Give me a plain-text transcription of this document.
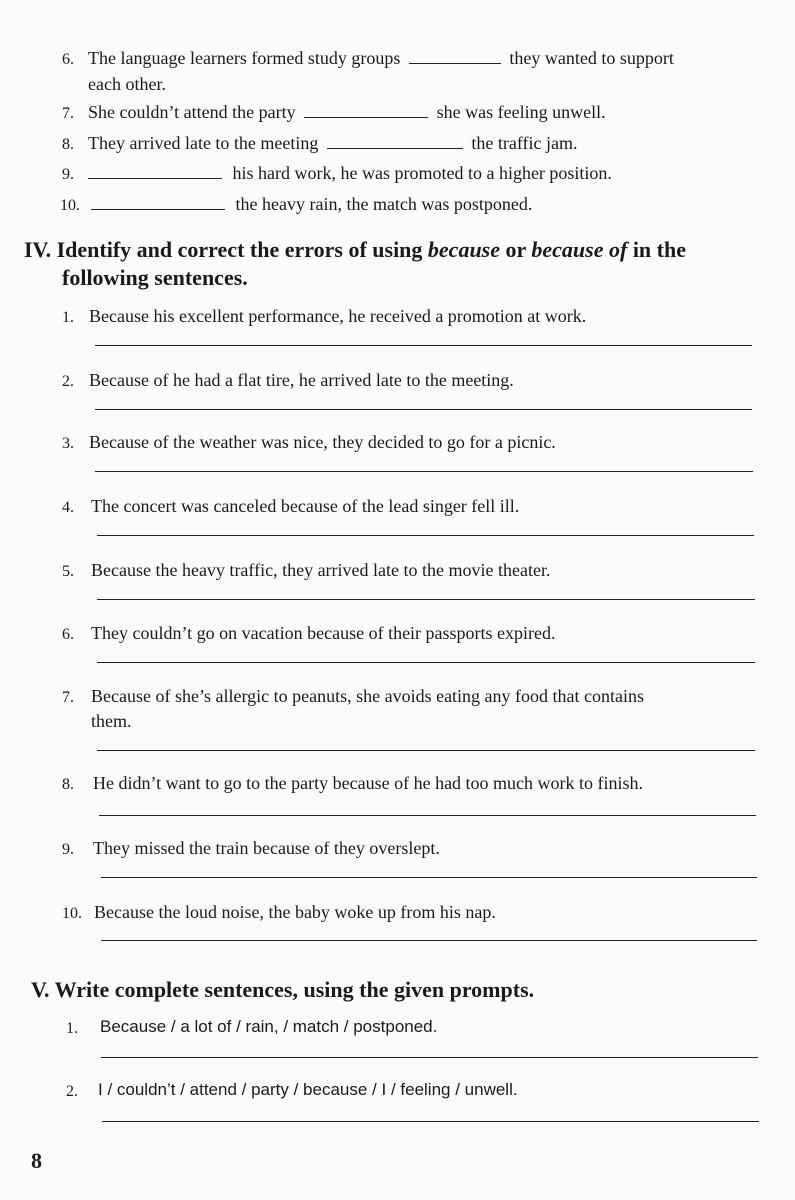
6. The language learners formed study groups	they wanted to support
each other.
7. She couldn’t attend the party	she was feeling unwell.
8. They arrived late to the meeting	the traffic jam.
9.	his hard work, he was promoted to a higher position.
10.	the heavy rain, the match was postponed.
IV. Identify and correct the errors of using because or because of in the
following sentences.
1. Because his excellent performance, he received a promotion at work.
2. Because of he had a flat tire, he arrived late to the meeting.
3. Because of the weather was nice, they decided to go for a picnic.
4. The concert was canceled because of the lead singer fell ill.
5. Because the heavy traffic, they arrived late to the movie theater.
6. They couldn’t go on vacation because of their passports expired.
7. Because of she’s allergic to peanuts, she avoids eating any food that contains
them.
8. He didn’t want to go to the party because of he had too much work to finish.
9. They missed the train because of they overslept.
10. Because the loud noise, the baby woke up from his nap.
V. Write complete sentences, using the given prompts.
1. Because / a lot of / rain, / match / postponed.
2. I / couldn’t / attend / party / because / I / feeling / unwell.
8
